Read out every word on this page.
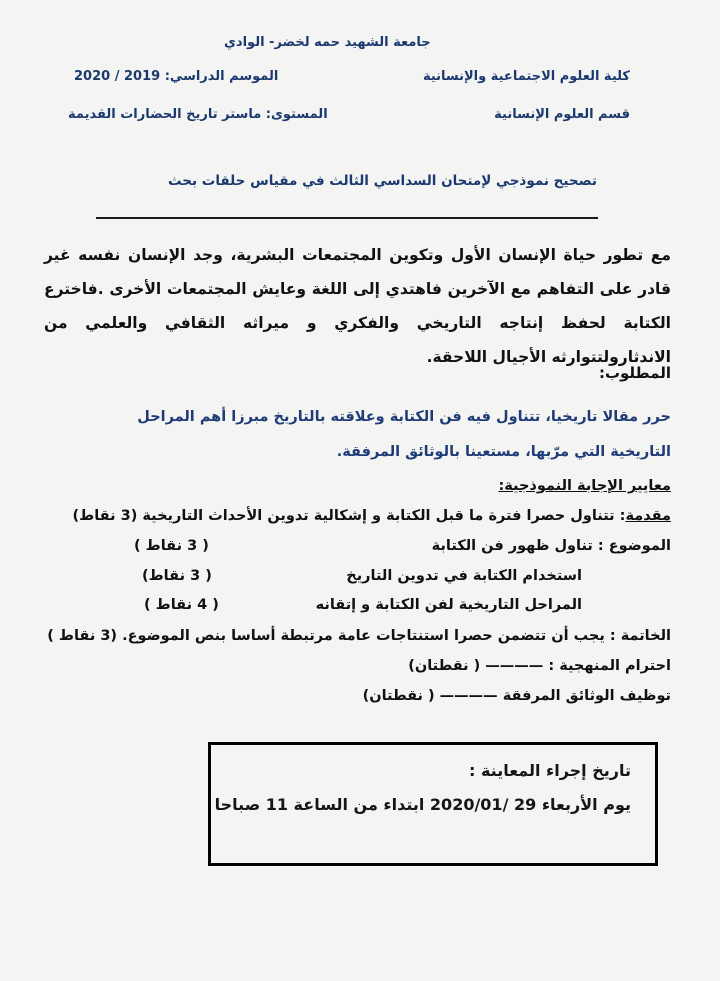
جامعة الشهيد حمه لخضر- الوادي
كلية العلوم الاجتماعية والإنسانية
الموسم الدراسي: 2019 / 2020
قسم العلوم الإنسانية
المستوى: ماستر تاريخ الحضارات القديمة
تصحيح نموذجي لإمتحان السداسي الثالث في مقياس حلقات بحث
مع تطور حياة الإنسان الأول وتكوين المجتمعات البشرية، وجد الإنسان نفسه غير قادر على التفاهم مع الآخرين فاهتدي إلى اللغة وعايش المجتمعات الأخرى .فاخترع الكتابة لحفظ إنتاجه التاريخي والفكري و ميراثه الثقافي والعلمي من الاندثارولتتوارثه الأجيال اللاحقة.
المطلوب:
حرر مقالا تاريخيا، تتناول فيه فن الكتابة وعلاقته بالتاريخ مبرزا أهم المراحل التاريخية التي مرّبها، مستعينا بالوثائق المرفقة.
معايير الإجابة النموذجية:
مقدمة: تتناول حصرا فترة ما قبل الكتابة و إشكالية تدوين الأحداث التاريخية (3 نقاط)
الموضوع : تناول ظهور فن الكتابة
( 3 نقاط )
استخدام الكتابة في تدوين التاريخ
( 3 نقاط)
المراحل التاريخية لفن الكتابة و إتقانه
( 4 نقاط )
الخاتمة : يجب أن تتضمن حصرا استنتاجات عامة مرتبطة أساسا بنص الموضوع. (3 نقاط )
احترام المنهجية : ———— ( نقطتان)
توظيف الوثائق المرفقة ———— ( نقطتان)
تاريخ إجراء المعاينة :
يوم الأربعاء 29 /2020/01 ابتداء من الساعة 11 صباحا
